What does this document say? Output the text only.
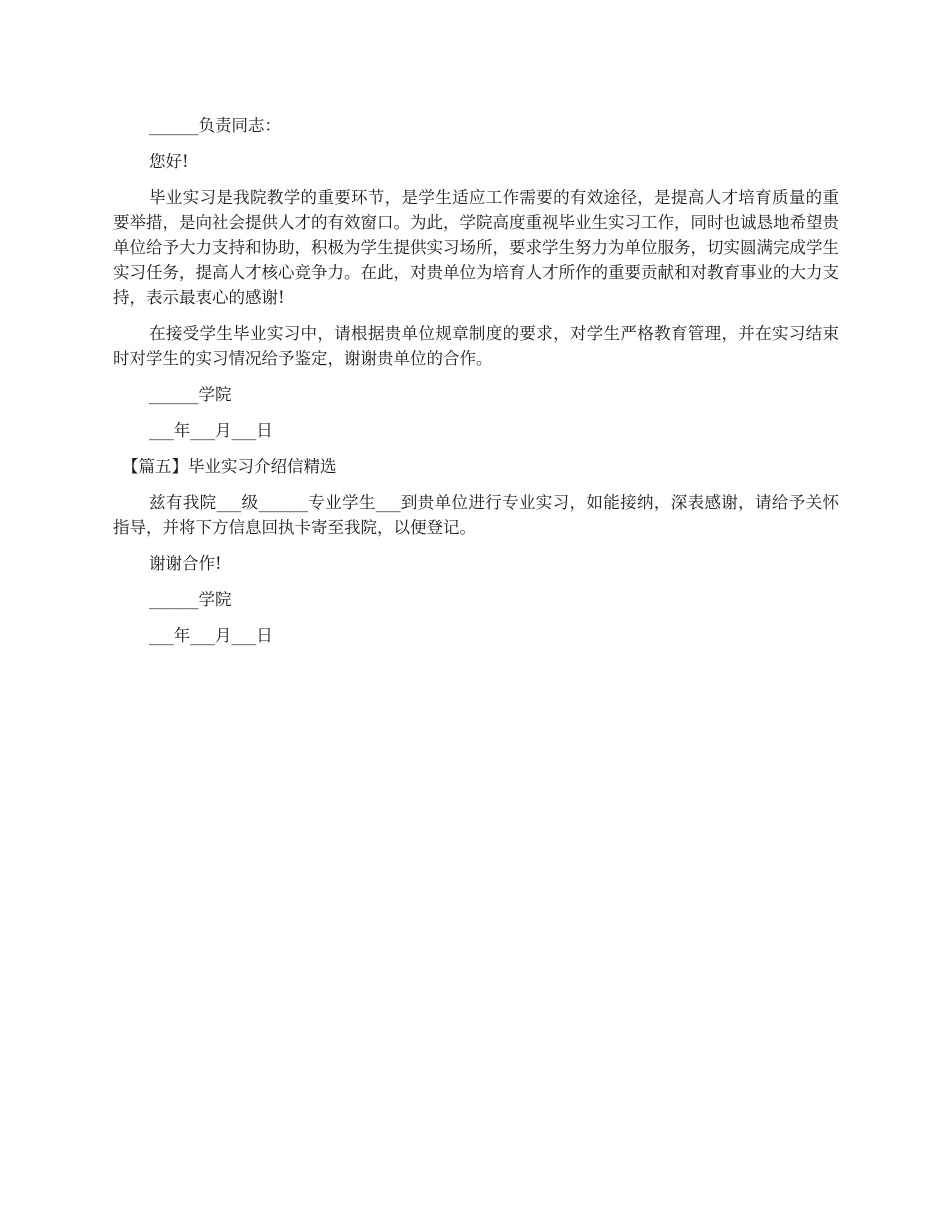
______负责同志：

您好!

毕业实习是我院教学的重要环节，是学生适应工作需要的有效途径，是提高人才培育质量的重要举措，是向社会提供人才的有效窗口。为此，学院高度重视毕业生实习工作，同时也诚恳地希望贵单位给予大力支持和协助，积极为学生提供实习场所，要求学生努力为单位服务，切实圆满完成学生实习任务，提高人才核心竞争力。在此，对贵单位为培育人才所作的重要贡献和对教育事业的大力支持，表示最衷心的感谢!

在接受学生毕业实习中，请根据贵单位规章制度的要求，对学生严格教育管理，并在实习结束时对学生的实习情况给予鉴定，谢谢贵单位的合作。

______学院

___年___月___日

【篇五】毕业实习介绍信精选

兹有我院___级______专业学生___到贵单位进行专业实习，如能接纳，深表感谢，请给予关怀指导，并将下方信息回执卡寄至我院，以便登记。

谢谢合作!

______学院

___年___月___日
